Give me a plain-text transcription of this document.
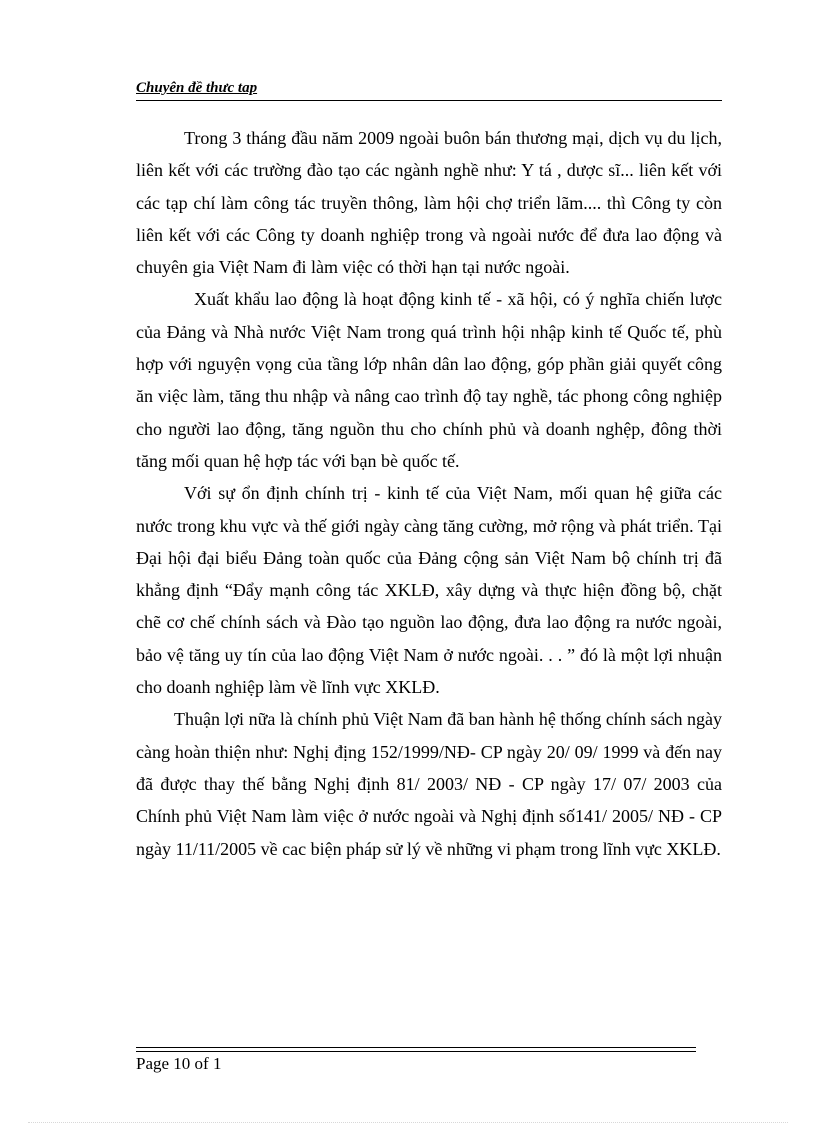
Chuyên đề thưc tap

Trong 3 tháng đầu năm 2009 ngoài buôn bán thương mại, dịch vụ du lịch, liên kết với các trường đào tạo các ngành nghề như: Y tá , dược sĩ... liên kết với các tạp chí làm công tác truyền thông, làm hội chợ triển lãm.... thì Công ty còn liên kết với các Công ty doanh nghiệp trong và ngoài nước để đưa lao động và chuyên gia Việt Nam đi làm việc có thời hạn tại nước ngoài.

Xuất khẩu lao động là hoạt động kinh tế - xã hội, có ý nghĩa chiến lược của Đảng và Nhà nước Việt Nam trong quá trình hội nhập kinh tế Quốc tế, phù hợp với nguyện vọng của tầng lớp nhân dân lao động, góp phần giải quyết công ăn việc làm, tăng thu nhập và nâng cao trình độ tay nghề, tác phong công nghiệp cho người lao động, tăng nguồn thu cho chính phủ và doanh nghệp, đông thời tăng mối quan hệ hợp tác với bạn bè quốc tế.

Với sự ổn định chính trị - kinh tế của Việt Nam, mối quan hệ giữa các nước trong khu vực và thế giới ngày càng tăng cường, mở rộng và phát triển. Tại Đại hội đại biểu Đảng toàn quốc của Đảng cộng sản Việt Nam bộ chính trị đã khẳng định “Đẩy mạnh công tác XKLĐ, xây dựng và thực hiện đồng bộ, chặt chẽ cơ chế chính sách và Đào tạo nguồn lao động, đưa lao động ra nước ngoài, bảo vệ tăng uy tín của lao động Việt Nam ở nước ngoài. . . ” đó là một lợi nhuận cho doanh nghiệp làm về lĩnh vực XKLĐ.

Thuận lợi nữa là chính phủ Việt Nam đã ban hành hệ thống chính sách ngày càng hoàn thiện như: Nghị địng 152/1999/NĐ- CP ngày 20/ 09/ 1999 và đến nay đã được thay thế bằng Nghị định 81/ 2003/ NĐ - CP ngày 17/ 07/ 2003 của Chính phủ Việt Nam làm việc ở nước ngoài và Nghị định số141/ 2005/ NĐ - CP ngày 11/11/2005 về cac biện pháp sử lý về những vi phạm trong lĩnh vực XKLĐ.

Page 10 of 1
